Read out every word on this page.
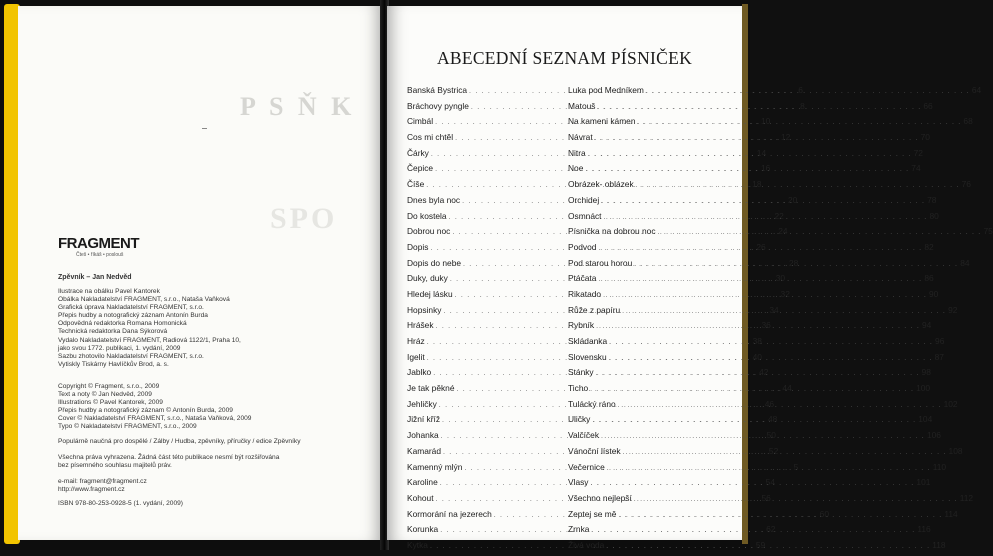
P S Ň K
SPO
FRAGMENT
Čteš • říkáš • poslouš
Zpěvník – Jan Nedvěd
Ilustrace na obálku Pavel Kantorek
Obálka Nakladatelství FRAGMENT, s.r.o., Nataša Vaňková
Grafická úprava Nakladatelství FRAGMENT, s.r.o.
Přepis hudby a notografický záznam Antonín Burda
Odpovědná redaktorka Romana Homonická
Technická redaktorka Dana Sýkorová
Vydalo Nakladatelství FRAGMENT, Radiová 1122/1, Praha 10,
jako svou 1772. publikaci, 1. vydání, 2009
Sazbu zhotovilo Nakladatelství FRAGMENT, s.r.o.
Vytiskly Tiskárny Havlíčkův Brod, a. s.
Copyright © Fragment, s.r.o., 2009
Text a noty © Jan Nedvěd, 2009
Illustrations © Pavel Kantorek, 2009
Přepis hudby a notografický záznam © Antonín Burda, 2009
Cover © Nakladatelství FRAGMENT, s.r.o., Nataša Vaňková, 2009
Typo © Nakladatelství FRAGMENT, s.r.o., 2009
Populárně naučná pro dospělé / Zálby / Hudba, zpěvníky, příručky / edice Zpěvníky
Všechna práva vyhrazena. Žádná část této publikace nesmí být rozšiřována
bez písemného souhlasu majitelů práv.
e-mail: fragment@fragment.cz
http://www.fragment.cz
ISBN 978-80-253-0928-5 (1. vydání, 2009)
ABECEDNÍ SEZNAM PÍSNIČEK
Banská Bystrica . . .	6
Bráchovy pyngle . . .	8
Cimbál . . .	10
Cos mi chtěl . . .	12
Čárky . . .	14
Čepice . . .	16
Číše . . .	18
Dnes byla noc . . .	20
Do kostela . . .	22
Dobrou noc . . .	24
Dopis . . .	26
Dopis do nebe . . .	28
Duky, duky . . .	30
Hledej lásku . . .	32
Hopsinky . . .	34
Hrášek . . .	36
Hráz . . .	38
Igelit . . .	40
Jablko . . .	42
Je tak pěkné . . .	44
Jehličky . . .	46
Jižní kříž . . .	48
Johanka . . .	50
Kamarád . . .	52
Kamenný mlýn . . .	5
Karoline . . .	54
Kohout . . .	56
Kormorání na jezerech . . .	60
Korunka . . .	62
Kytka . . .	59
Luka pod Medníkem . . .	64
Matouš . . .	66
Na kameni kámen . . .	68
Návrat . . .	70
Nitra . . .	72
Noe . . .	74
Obrázek- oblázek . . .	76
Orchidej . . .	78
Osmnáct . . .	80
Písnička na dobrou noc . . .	75
Podvod . . .	82
Pod starou horou . . .	84
Ptáčata . . .	86
Rikatado . . .	90
Růže z papíru . . .	92
Rybník . . .	94
Skládanka . . .	96
Slovensku . . .	87
Stánky . . .	98
Ticho . . .	100
Tulácký ráno . . .	102
Uličky . . .	104
Valčíček . . .	106
Vánoční lístek . . .	108
Večernice . . .	110
Vlasy . . .	101
Všechno nejlepší . . .	112
Zeptej se mě . . .	114
Zrnka . . .	116
Živá voda . . .	118
